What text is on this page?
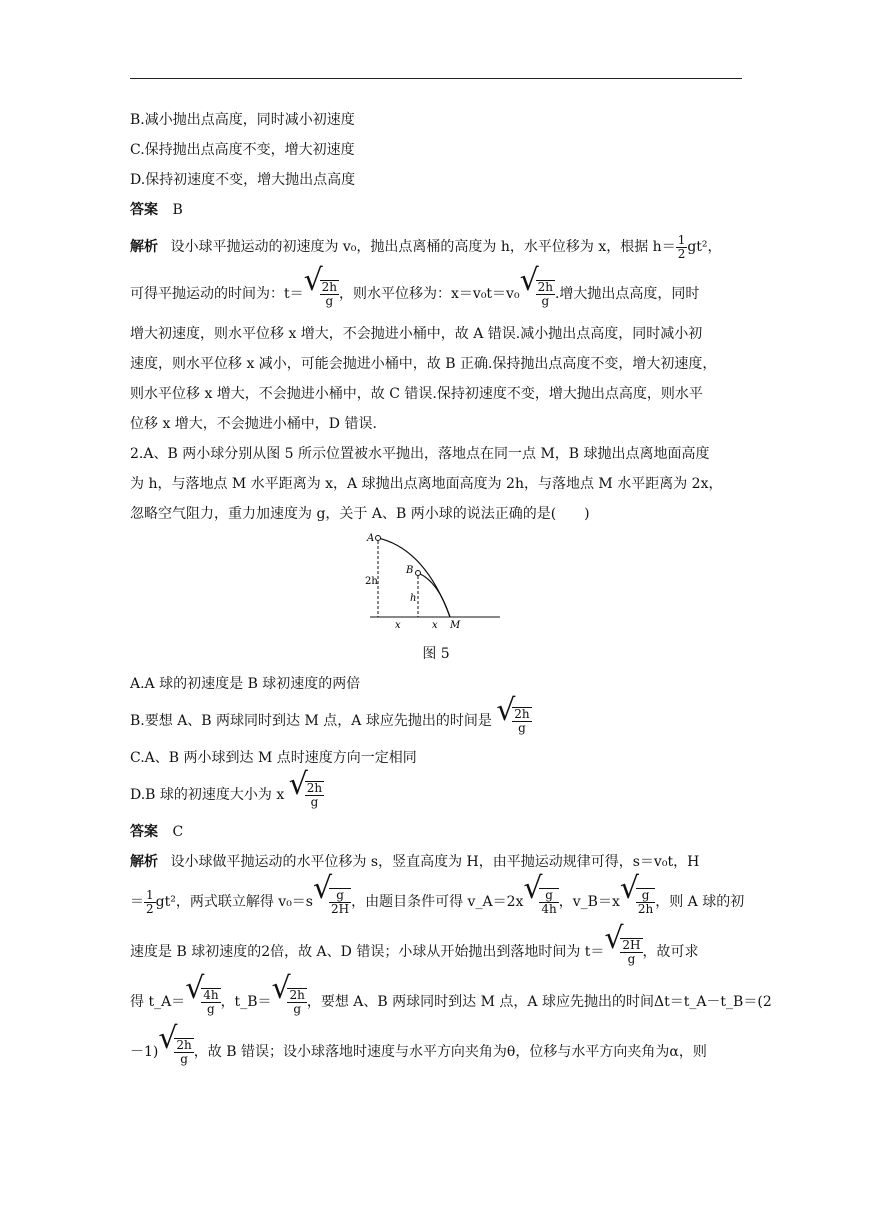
B.减小抛出点高度，同时减小初速度
C.保持抛出点高度不变，增大初速度
D.保持初速度不变，增大抛出点高度
答案 B
解析 设小球平抛运动的初速度为 v₀，抛出点离桶的高度为 h，水平位移为 x，根据 $h= \frac{1}{2} gt^2$，
可得平抛运动的时间为：t＝ √ $\frac{2h}{g}$ ，则水平位移为：x＝v₀t＝v₀ √ $\frac{2h}{g}$ .增大抛出点高度，同时
增大初速度，则水平位移 x 增大，不会抛进小桶中，故 A 错误.减小抛出点高度，同时减小初
速度，则水平位移 x 减小，可能会抛进小桶中，故 B 正确.保持抛出点高度不变，增大初速度，
则水平位移 x 增大，不会抛进小桶中，故 C 错误.保持初速度不变，增大抛出点高度，则水平
位移 x 增大，不会抛进小桶中，D 错误.
2.A、B 两小球分别从图 5 所示位置被水平抛出，落地点在同一点 M，B 球抛出点离地面高度
为 h，与落地点 M 水平距离为 x，A 球抛出点离地面高度为 2h，与落地点 M 水平距离为 2x，
忽略空气阻力，重力加速度为 g，关于 A、B 两小球的说法正确的是(　　)
A
B
2h
h
x	x M
图 5
A.A 球的初速度是 B 球初速度的两倍
B.要想 A、B 两球同时到达 M 点，A 球应先抛出的时间是 √ $\frac{2h}{g}$
C.A、B 两小球到达 M 点时速度方向一定相同
D.B 球的初速度大小为 x √ $\frac{2h}{g}$
答案 C
解析 设小球做平抛运动的水平位移为 s，竖直高度为 H，由平抛运动规律可得，s＝v₀t，H
＝ $\frac{1}{2} gt^2$，两式联立解得 v₀＝s √ $\frac{g}{2H}$ ，由题目条件可得 v_A＝2x √ $\frac{g}{4h}$ ，v_B＝x √ $\frac{g}{2h}$ ，则 A 球的初
速度是 B 球初速度的2倍，故 A、D 错误；小球从开始抛出到落地时间为 t＝ √ $\frac{2H}{g}$ ，故可求
得 t_A＝ √ $\frac{4h}{g}$ ，t_B＝ √ $\frac{2h}{g}$ ，要想 A、B 两球同时到达 M 点，A 球应先抛出的时间Δt＝t_A－t_B＝(2
－1) √ $\frac{2h}{g}$ ，故 B 错误；设小球落地时速度与水平方向夹角为θ，位移与水平方向夹角为α，则
